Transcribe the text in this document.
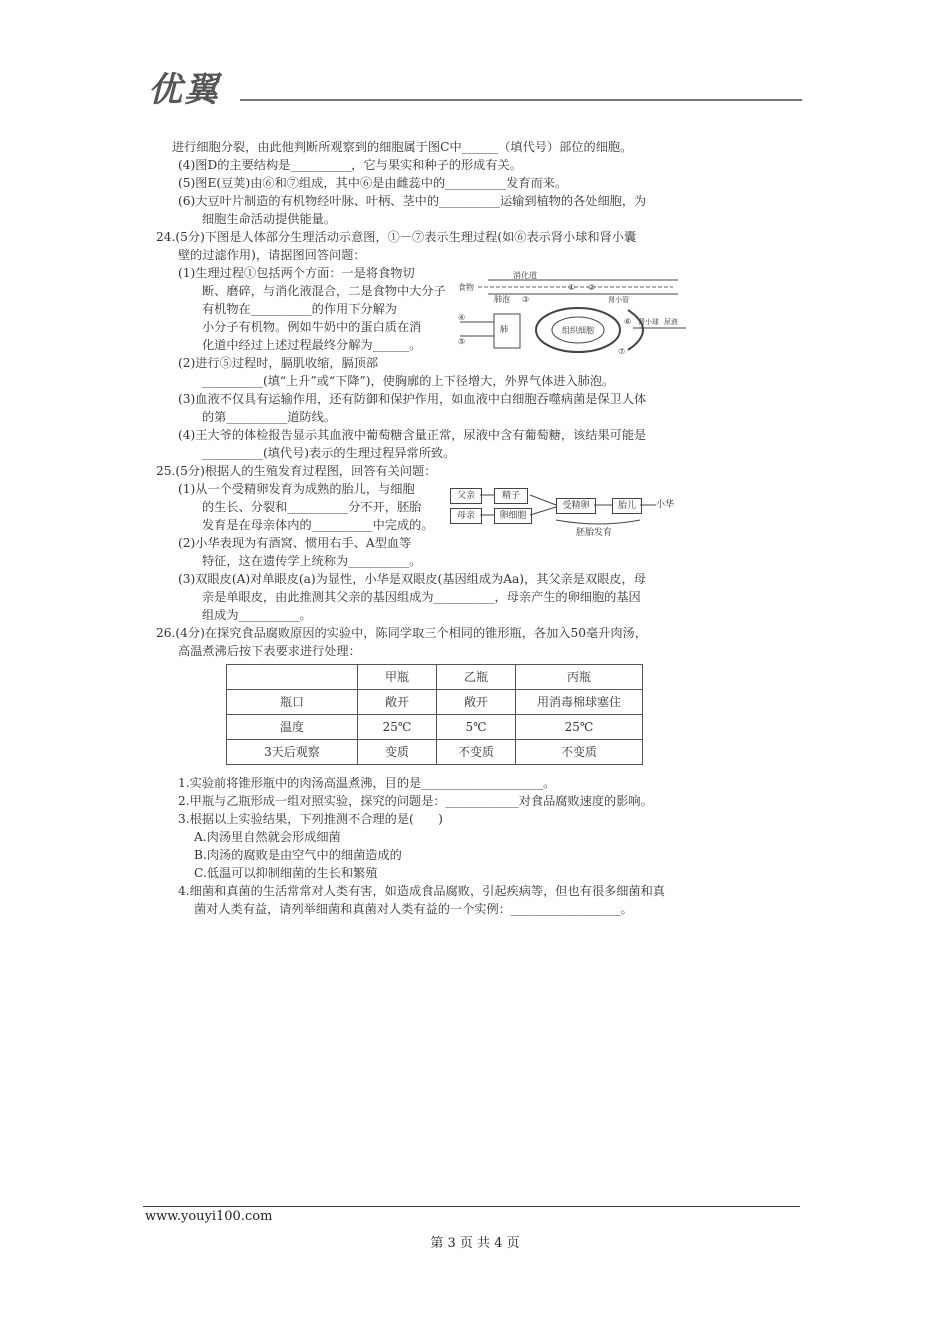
优翼
进行细胞分裂，由此他判断所观察到的细胞属于图C中______（填代号）部位的细胞。
(4)图D的主要结构是__________，它与果实和种子的形成有关。
(5)图E(豆荚)由⑥和⑦组成，其中⑥是由雌蕊中的__________发育而来。
(6)大豆叶片制造的有机物经叶脉、叶柄、茎中的__________运输到植物的各处细胞，为
细胞生命活动提供能量。
24.(5分)下图是人体部分生理活动示意图，①－⑦表示生理过程(如⑥表示肾小球和肾小囊
壁的过滤作用)，请据图回答问题：
(1)生理过程①包括两个方面：一是将食物切
断、磨碎，与消化液混合，二是食物中大分子
有机物在__________的作用下分解为
小分子有机物。例如牛奶中的蛋白质在消
化道中经过上述过程最终分解为______。
(2)进行⑤过程时，膈肌收缩，膈顶部
__________(填“上升”或“下降”)，使胸廓的上下径增大，外界气体进入肺泡。
(3)血液不仅具有运输作用，还有防御和保护作用，如血液中白细胞吞噬病菌是保卫人体
的第__________道防线。
(4)王大爷的体检报告显示其血液中葡萄糖含量正常，尿液中含有葡萄糖，该结果可能是
__________(填代号)表示的生理过程异常所致。
25.(5分)根据人的生殖发育过程图，回答有关问题：
(1)从一个受精卵发育为成熟的胎儿，与细胞
的生长、分裂和__________分不开，胚胎
发育是在母亲体内的__________中完成的。
(2)小华表现为有酒窝、惯用右手、A型血等
特征，这在遗传学上统称为__________。
(3)双眼皮(A)对单眼皮(a)为显性，小华是双眼皮(基因组成为Aa)，其父亲是双眼皮，母
亲是单眼皮，由此推测其父亲的基因组成为__________，母亲产生的卵细胞的基因
组成为__________。
26.(4分)在探究食品腐败原因的实验中，陈同学取三个相同的锥形瓶，各加入50毫升肉汤，
高温煮沸后按下表要求进行处理：
消化道
食物
肺泡
肺	组织细胞
肾小球
肾小管
尿液
① ②
③
④
⑤
⑥
⑦
父亲
母亲
精子
卵细胞
受精卵	胎儿	小华
胚胎发育
	甲瓶	乙瓶	丙瓶
瓶口	敞开	敞开	用消毒棉球塞住
温度	25℃	5℃	25℃
3天后观察	变质	不变质	不变质
1.实验前将锥形瓶中的肉汤高温煮沸，目的是____________________。
2.甲瓶与乙瓶形成一组对照实验，探究的问题是：____________对食品腐败速度的影响。
3.根据以上实验结果，下列推测不合理的是(　　)
A.肉汤里自然就会形成细菌
B.肉汤的腐败是由空气中的细菌造成的
C.低温可以抑制细菌的生长和繁殖
4.细菌和真菌的生活常常对人类有害，如造成食品腐败，引起疾病等，但也有很多细菌和真
菌对人类有益，请列举细菌和真菌对人类有益的一个实例：__________________。
www.youyi100.com
第 3 页 共 4 页
